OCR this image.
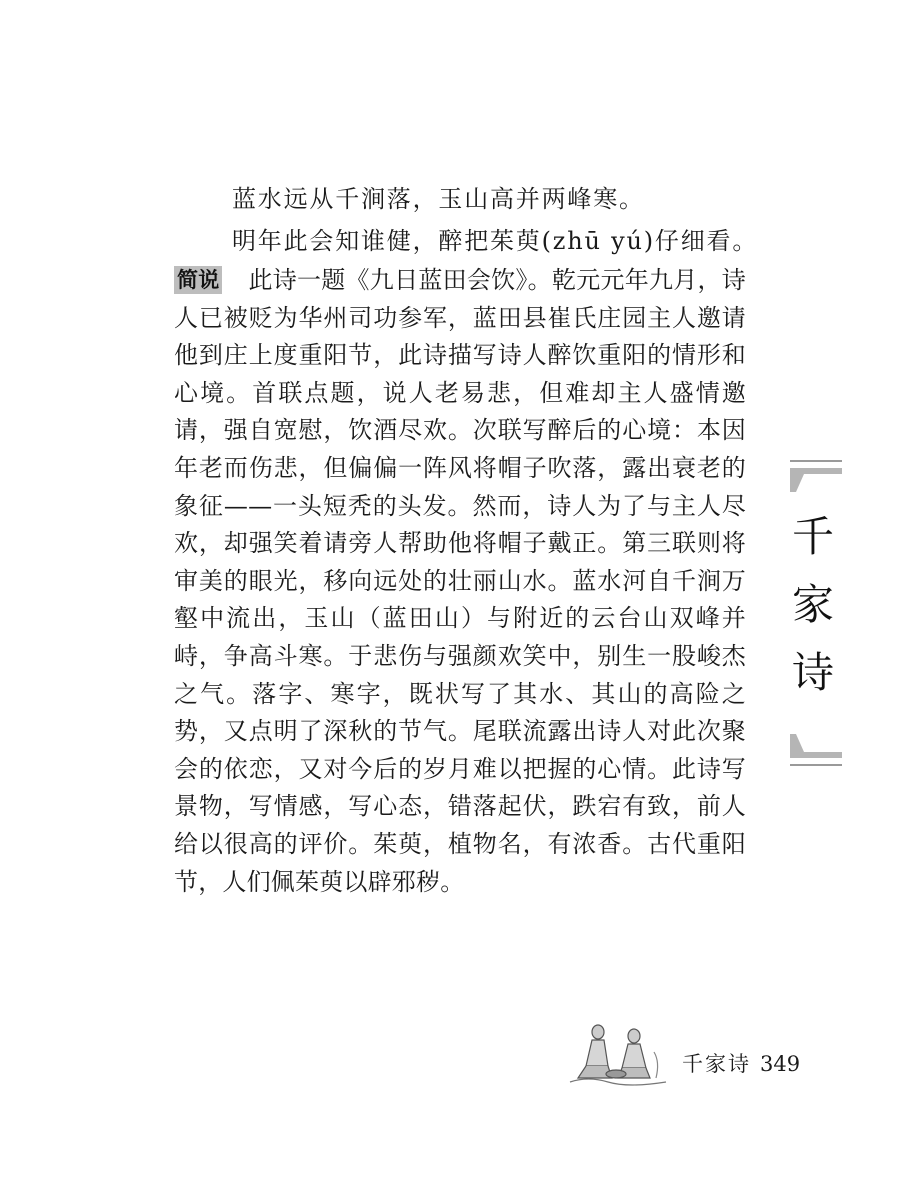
蓝水远从千涧落，玉山高并两峰寒。
明年此会知谁健，醉把茱萸(zhū yú)仔细看。
简说 此诗一题《九日蓝田会饮》。乾元元年九月，诗人已被贬为华州司功参军，蓝田县崔氏庄园主人邀请他到庄上度重阳节，此诗描写诗人醉饮重阳的情形和心境。首联点题，说人老易悲，但难却主人盛情邀请，强自宽慰，饮酒尽欢。次联写醉后的心境：本因年老而伤悲，但偏偏一阵风将帽子吹落，露出衰老的象征——一头短秃的头发。然而，诗人为了与主人尽欢，却强笑着请旁人帮助他将帽子戴正。第三联则将审美的眼光，移向远处的壮丽山水。蓝水河自千涧万壑中流出，玉山（蓝田山）与附近的云台山双峰并峙，争高斗寒。于悲伤与强颜欢笑中，别生一股峻杰之气。落字、寒字，既状写了其水、其山的高险之势，又点明了深秋的节气。尾联流露出诗人对此次聚会的依恋，又对今后的岁月难以把握的心情。此诗写景物，写情感，写心态，错落起伏，跌宕有致，前人给以很高的评价。茱萸，植物名，有浓香。古代重阳节，人们佩茱萸以辟邪秽。
千家诗
千家诗 349
